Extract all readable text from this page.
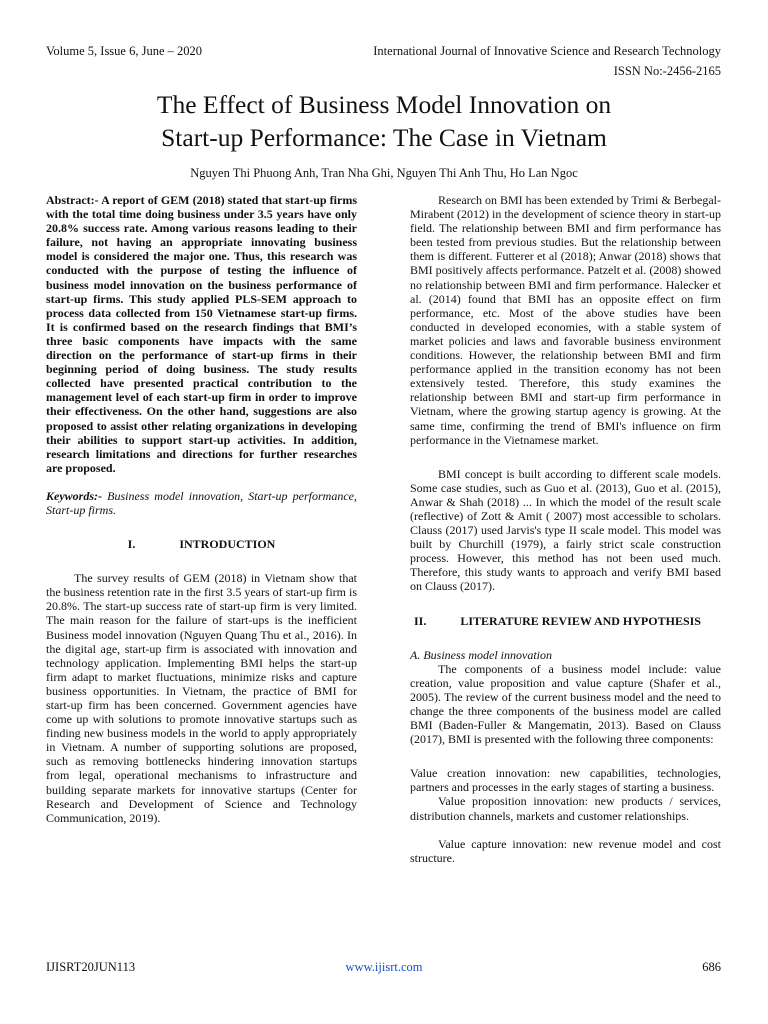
Volume 5, Issue 6, June – 2020	International Journal of Innovative Science and Research Technology
ISSN No:-2456-2165
The Effect of Business Model Innovation on
Start-up Performance: The Case in Vietnam
Nguyen Thi Phuong Anh, Tran Nha Ghi, Nguyen Thi Anh Thu, Ho Lan Ngoc

Abstract:- A report of GEM (2018) stated that start-up firms with the total time doing business under 3.5 years have only 20.8% success rate. Among various reasons leading to their failure, not having an appropriate innovating business model is considered the major one. Thus, this research was conducted with the purpose of testing the influence of business model innovation on the business performance of start-up firms. This study applied PLS-SEM approach to process data collected from 150 Vietnamese start-up firms. It is confirmed based on the research findings that BMI’s three basic components have impacts with the same direction on the performance of start-up firms in their beginning period of doing business. The study results collected have presented practical contribution to the management level of each start-up firm in order to improve their effectiveness. On the other hand, suggestions are also proposed to assist other relating organizations in developing their abilities to support start-up activities. In addition, research limitations and directions for further researches are proposed.

Keywords:- Business model innovation, Start-up performance, Start-up firms.

I.	INTRODUCTION

The survey results of GEM (2018) in Vietnam show that the business retention rate in the first 3.5 years of start-up firm is 20.8%. The start-up success rate of start-up firm is very limited. The main reason for the failure of start-ups is the inefficient Business model innovation (Nguyen Quang Thu et al., 2016). In the digital age, start-up firm is associated with innovation and technology application. Implementing BMI helps the start-up firm adapt to market fluctuations, minimize risks and capture business opportunities. In Vietnam, the practice of BMI for start-up firm has been concerned. Government agencies have come up with solutions to promote innovative startups such as finding new business models in the world to apply appropriately in Vietnam. A number of supporting solutions are proposed, such as removing bottlenecks hindering innovation startups from legal, operational mechanisms to infrastructure and building separate markets for innovative startups (Center for Research and Development of Science and Technology Communication, 2019).

Research on BMI has been extended by Trimi & Berbegal-Mirabent (2012) in the development of science theory in start-up field. The relationship between BMI and firm performance has been tested from previous studies. But the relationship between them is different. Futterer et al (2018); Anwar (2018) shows that BMI positively affects performance. Patzelt et al. (2008) showed no relationship between BMI and firm performance. Halecker et al. (2014) found that BMI has an opposite effect on firm performance, etc. Most of the above studies have been conducted in developed economies, with a stable system of market policies and laws and favorable business environment conditions. However, the relationship between BMI and firm performance applied in the transition economy has not been extensively tested. Therefore, this study examines the relationship between BMI and start-up firm performance in Vietnam, where the growing startup agency is growing. At the same time, confirming the trend of BMI's influence on firm performance in the Vietnamese market.

BMI concept is built according to different scale models. Some case studies, such as Guo et al. (2013), Guo et al. (2015), Anwar & Shah (2018) ... In which the model of the result scale (reflective) of Zott & Amit ( 2007) most accessible to scholars. Clauss (2017) used Jarvis's type II scale model. This model was built by Churchill (1979), a fairly strict scale construction process. However, this method has not been used much. Therefore, this study wants to approach and verify BMI based on Clauss (2017).

II.	LITERATURE REVIEW AND HYPOTHESIS

A. Business model innovation

The components of a business model include: value creation, value proposition and value capture (Shafer et al., 2005). The review of the current business model and the need to change the three components of the business model are called BMI (Baden-Fuller & Mangematin, 2013). Based on Clauss (2017), BMI is presented with the following three components:

Value creation innovation: new capabilities, technologies, partners and processes in the early stages of starting a business.

Value proposition innovation: new products / services, distribution channels, markets and customer relationships.

Value capture innovation: new revenue model and cost structure.

IJISRT20JUN113	www.ijisrt.com	686
